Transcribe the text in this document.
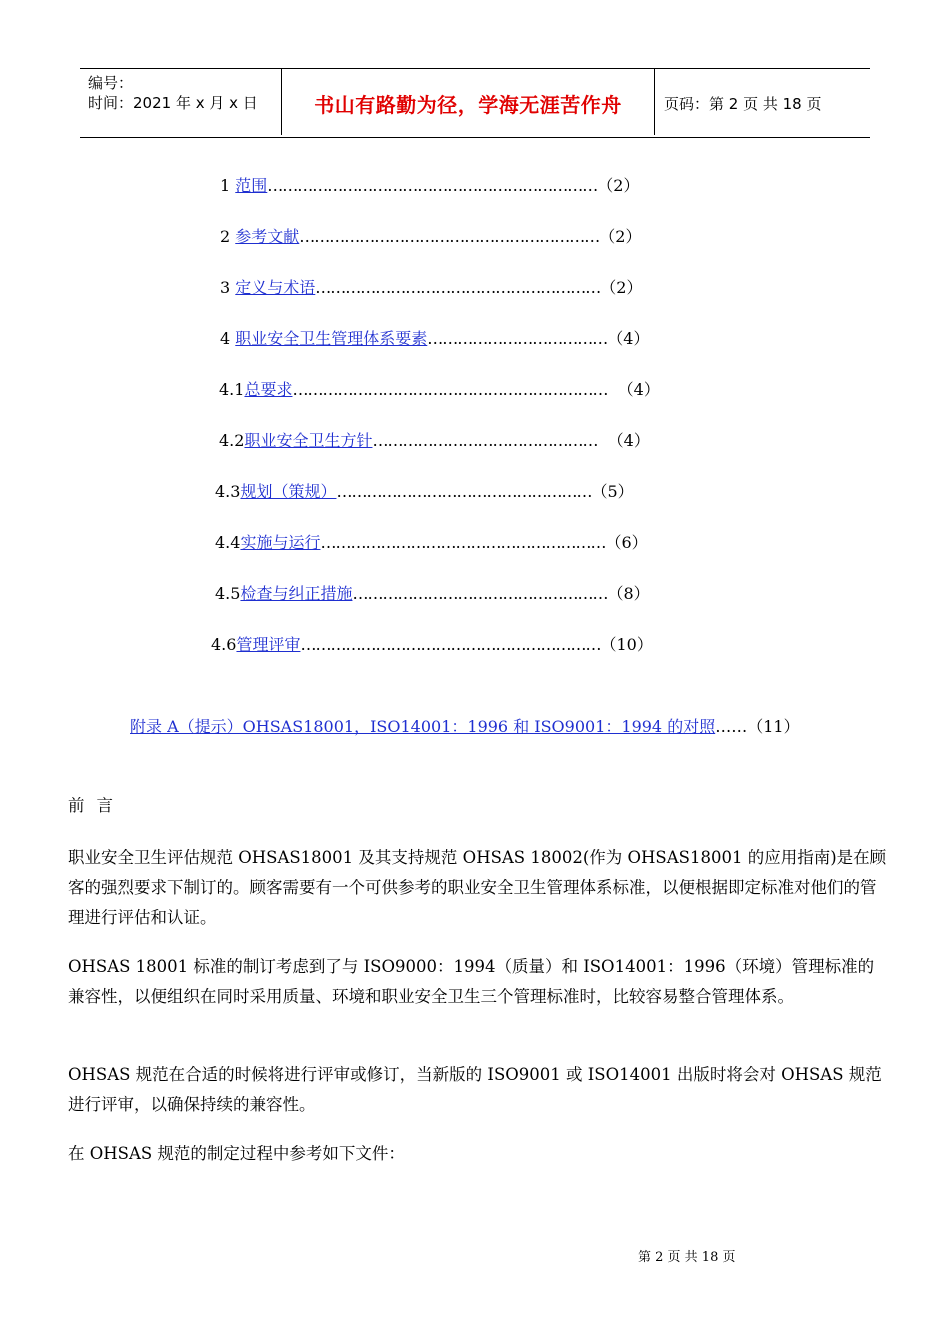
编号：
时间：2021 年 x 月 x 日	书山有路勤为径，学海无涯苦作舟	页码：第 2 页 共 18 页
1 范围…………………………………………………………（2）
2 参考文献……………………………………………………（2）
3 定义与术语…………………………………………………（2）
4 职业安全卫生管理体系要素………………………………（4）
4.1总要求……………………………………………………… （4）
4.2职业安全卫生方针……………………………………… （4）
4.3规划（策规）……………………………………………（5）
4.4实施与运行…………………………………………………（6）
4.5检查与纠正措施……………………………………………（8）
4.6管理评审……………………………………………………（10）
附录 A（提示）OHSAS18001，ISO14001：1996 和 ISO9001：1994 的对照……（11）
前言
职业安全卫生评估规范 OHSAS18001 及其支持规范 OHSAS 18002(作为 OHSAS18001 的应用指南)是在顾客的强烈要求下制订的。顾客需要有一个可供参考的职业安全卫生管理体系标准，以便根据即定标准对他们的管理进行评估和认证。
OHSAS 18001 标准的制订考虑到了与 ISO9000：1994（质量）和 ISO14001：1996（环境）管理标准的兼容性，以便组织在同时采用质量、环境和职业安全卫生三个管理标准时，比较容易整合管理体系。
OHSAS 规范在合适的时候将进行评审或修订，当新版的 ISO9001 或 ISO14001 出版时将会对 OHSAS 规范进行评审，以确保持续的兼容性。
在 OHSAS 规范的制定过程中参考如下文件：
第 2 页 共 18 页
